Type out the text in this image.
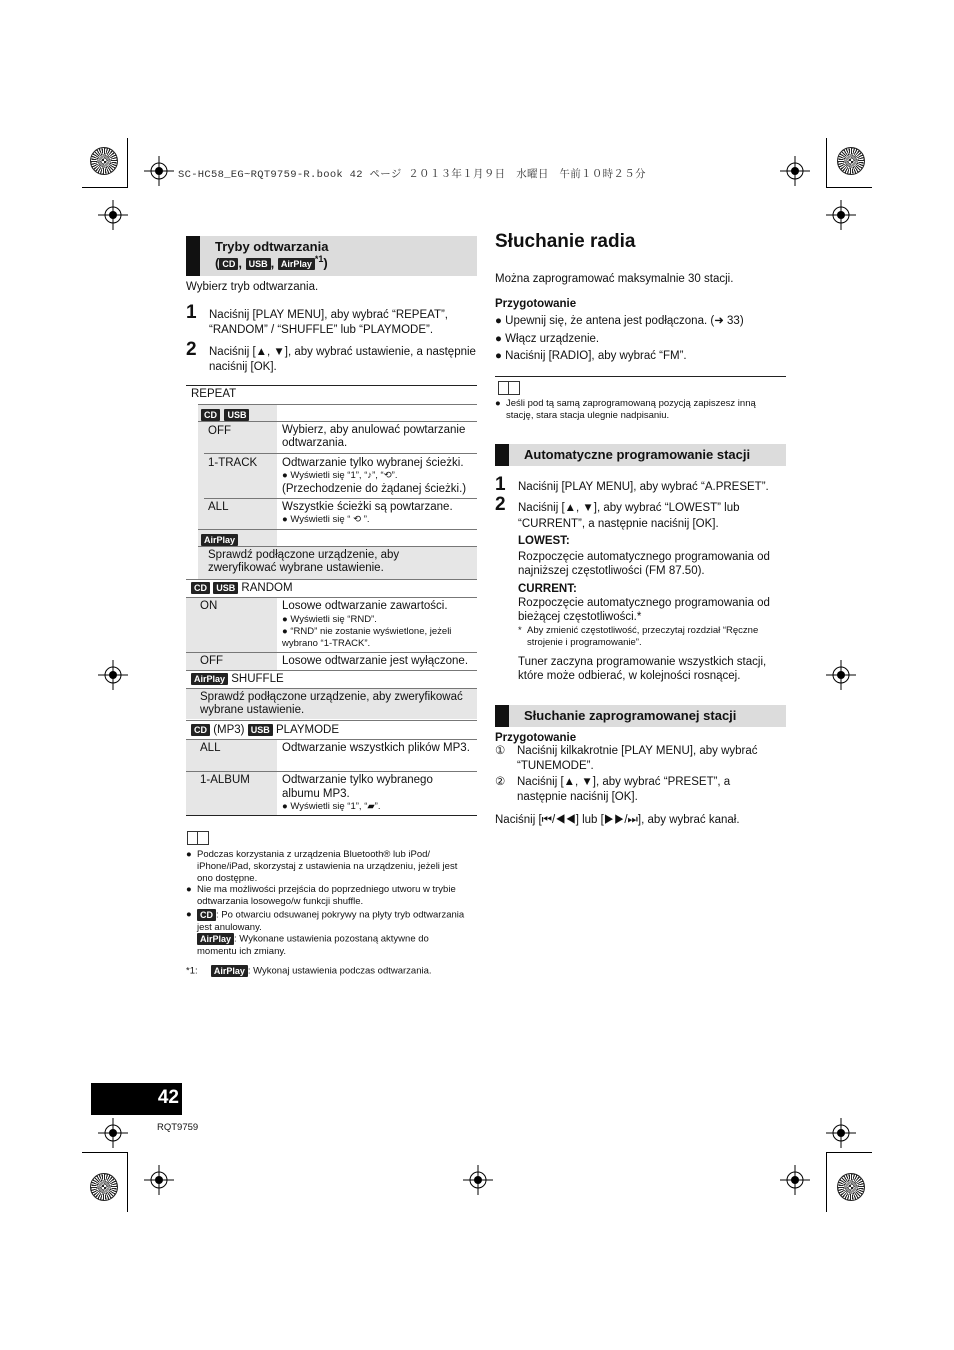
SC-HC58_EG~RQT9759-R.book 42 ページ ２０１３年１月９日　水曜日　午前１０時２５分
Tryby odtwarzania
( CD , USB , AirPlay $^{*1}$)
Wybierz tryb odtwarzania.
1 Naciśnij [PLAY MENU], aby wybrać “REPEAT”, “RANDOM” / “SHUFFLE” lub “PLAYMODE”.
2 Naciśnij [▲, ▼], aby wybrać ustawienie, a następnie naciśnij [OK].
REPEAT
CD USB
OFF	Wybierz, aby anulować powtarzanie odtwarzania.
1-TRACK Odtwarzanie tylko wybranej ścieżki.
● Wyświetli się “1”, “♪”, “⟲”.
(Przechodzenie do żądanej ścieżki.)
ALL	Wszystkie ścieżki są powtarzane.
● Wyświetli się “ ⟲ ”.
AirPlay
Sprawdź podłączone urządzenie, aby zweryfikować wybrane ustawienie.
CD USB RANDOM
ON	Losowe odtwarzanie zawartości.
● Wyświetli się “RND”.
● “RND” nie zostanie wyświetlone, jeżeli wybrano “1-TRACK”.
OFF	Losowe odtwarzanie jest wyłączone.
AirPlay SHUFFLE
Sprawdź podłączone urządzenie, aby zweryfikować wybrane ustawienie.
CD (MP3) USB PLAYMODE
ALL	Odtwarzanie wszystkich plików MP3.
1-ALBUM	Odtwarzanie tylko wybranego albumu MP3.
● Wyświetli się “1”, “▰”.
● Podczas korzystania z urządzenia Bluetooth® lub iPod/ iPhone/iPad, skorzystaj z ustawienia na urządzeniu, jeżeli jest ono dostępne.
● Nie ma możliwości przejścia do poprzedniego utworu w trybie odtwarzania losowego/w funkcji shuffle.
● CD : Po otwarciu odsuwanej pokrywy na płyty tryb odtwarzania jest anulowany.
AirPlay : Wykonane ustawienia pozostaną aktywne do momentu ich zmiany.
*1: AirPlay : Wykonaj ustawienia podczas odtwarzania.
Słuchanie radia
Można zaprogramować maksymalnie 30 stacji.
Przygotowanie
● Upewnij się, że antena jest podłączona. (➜ 33)
● Włącz urządzenie.
● Naciśnij [RADIO], aby wybrać “FM”.
● Jeśli pod tą samą zaprogramowaną pozycją zapiszesz inną stację, stara stacja ulegnie nadpisaniu.
Automatyczne programowanie stacji
1 Naciśnij [PLAY MENU], aby wybrać “A.PRESET”.
2 Naciśnij [▲, ▼], aby wybrać “LOWEST” lub “CURRENT”, a następnie naciśnij [OK].
LOWEST:
Rozpoczęcie automatycznego programowania od najniższej częstotliwości (FM 87.50).
CURRENT:
Rozpoczęcie automatycznego programowania od bieżącej częstotliwości.*
* Aby zmienić częstotliwość, przeczytaj rozdział “Ręczne strojenie i programowanie”.
Tuner zaczyna programowanie wszystkich stacji, które może odbierać, w kolejności rosnącej.
Słuchanie zaprogramowanej stacji
Przygotowanie
① Naciśnij kilkakrotnie [PLAY MENU], aby wybrać “TUNEMODE”.
② Naciśnij [▲, ▼], aby wybrać “PRESET”, a następnie naciśnij [OK].
Naciśnij [⏮/◀◀] lub [▶▶/⏭], aby wybrać kanał.
42
RQT9759
